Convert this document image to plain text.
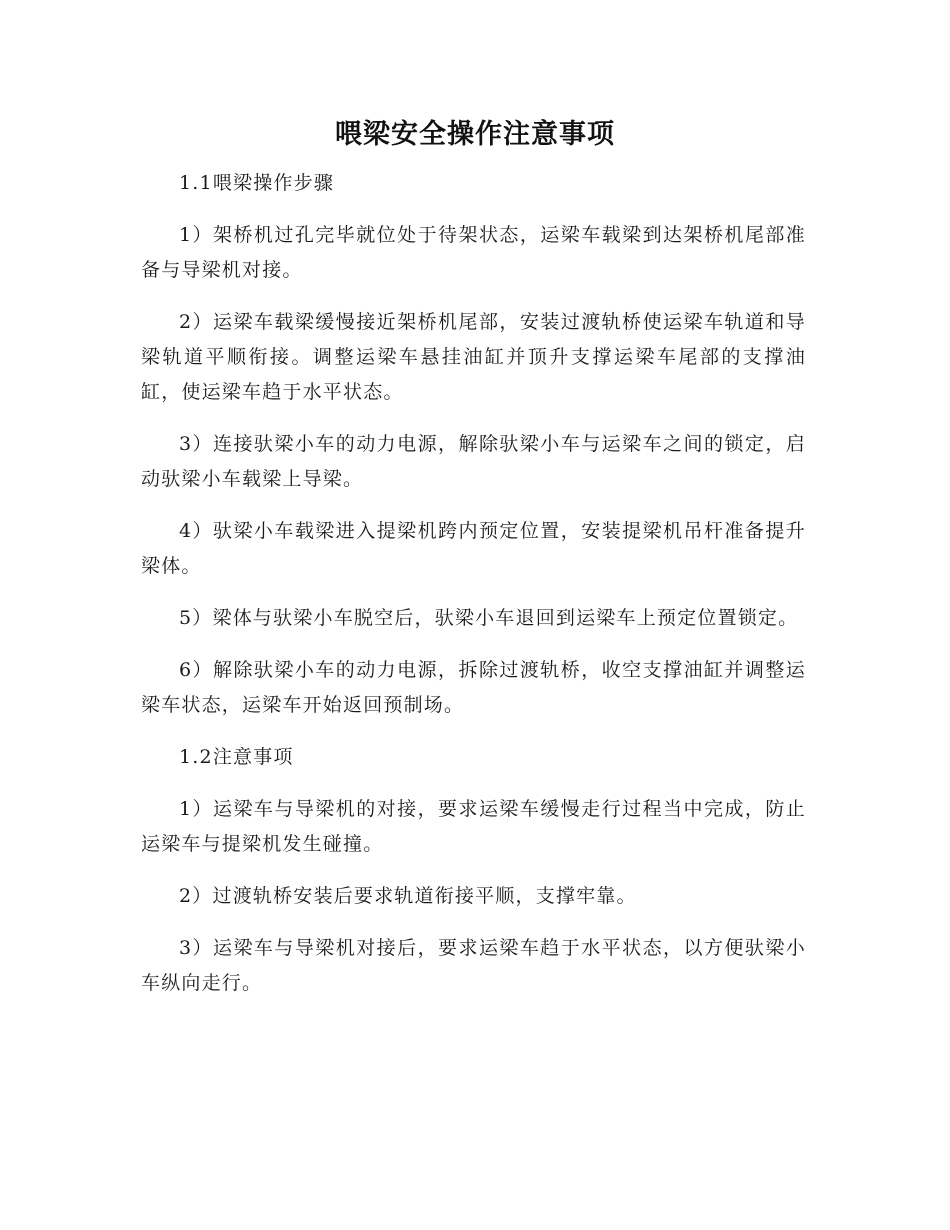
喂梁安全操作注意事项
1.1喂梁操作步骤

1）架桥机过孔完毕就位处于待架状态，运梁车载梁到达架桥机尾部准备与导梁机对接。

2）运梁车载梁缓慢接近架桥机尾部，安装过渡轨桥使运梁车轨道和导梁轨道平顺衔接。调整运梁车悬挂油缸并顶升支撑运梁车尾部的支撑油缸，使运梁车趋于水平状态。

3）连接驮梁小车的动力电源，解除驮梁小车与运梁车之间的锁定，启动驮梁小车载梁上导梁。

4）驮梁小车载梁进入提梁机跨内预定位置，安装提梁机吊杆准备提升梁体。

5）梁体与驮梁小车脱空后，驮梁小车退回到运梁车上预定位置锁定。

6）解除驮梁小车的动力电源，拆除过渡轨桥，收空支撑油缸并调整运梁车状态，运梁车开始返回预制场。

1.2注意事项

1）运梁车与导梁机的对接，要求运梁车缓慢走行过程当中完成，防止运梁车与提梁机发生碰撞。

2）过渡轨桥安装后要求轨道衔接平顺，支撑牢靠。

3）运梁车与导梁机对接后，要求运梁车趋于水平状态，以方便驮梁小车纵向走行。
